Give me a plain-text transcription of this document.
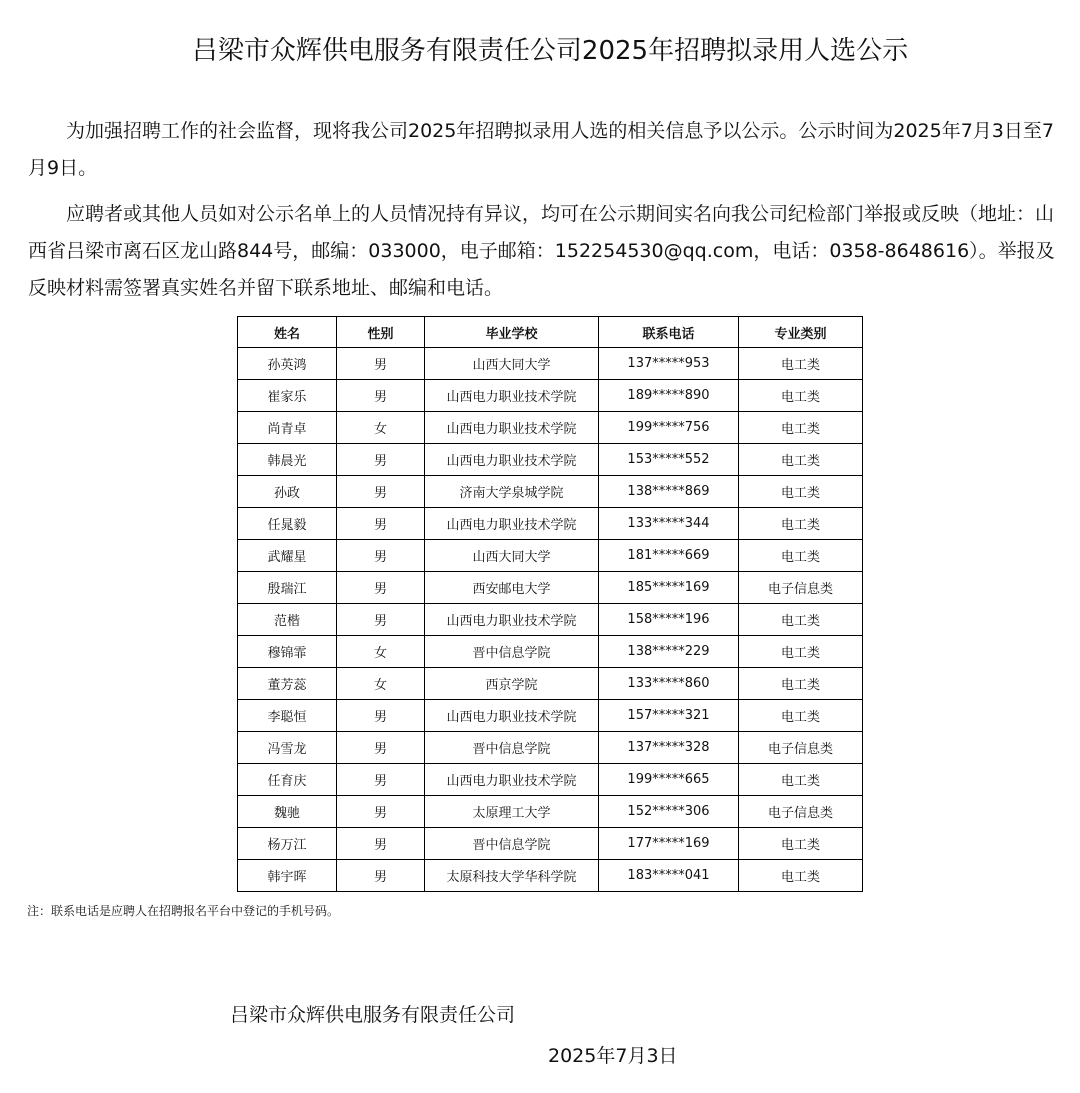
吕梁市众辉供电服务有限责任公司2025年招聘拟录用人选公示

为加强招聘工作的社会监督，现将我公司2025年招聘拟录用人选的相关信息予以公示。公示时间为2025年7月3日至7月9日。

应聘者或其他人员如对公示名单上的人员情况持有异议，均可在公示期间实名向我公司纪检部门举报或反映（地址：山西省吕梁市离石区龙山路844号，邮编：033000，电子邮箱：152254530@qq.com，电话：0358-8648616）。举报及反映材料需签署真实姓名并留下联系地址、邮编和电话。

姓名	性别	毕业学校	联系电话	专业类别
孙英鸿	男	山西大同大学	137*****953	电工类
崔家乐	男	山西电力职业技术学院	189*****890	电工类
尚青卓	女	山西电力职业技术学院	199*****756	电工类
韩晨光	男	山西电力职业技术学院	153*****552	电工类
孙政	男	济南大学泉城学院	138*****869	电工类
任晁毅	男	山西电力职业技术学院	133*****344	电工类
武耀星	男	山西大同大学	181*****669	电工类
殷瑞江	男	西安邮电大学	185*****169	电子信息类
范楷	男	山西电力职业技术学院	158*****196	电工类
穆锦霏	女	晋中信息学院	138*****229	电工类
董芳蕊	女	西京学院	133*****860	电工类
李聪恒	男	山西电力职业技术学院	157*****321	电工类
冯雪龙	男	晋中信息学院	137*****328	电子信息类
任育庆	男	山西电力职业技术学院	199*****665	电工类
魏驰	男	太原理工大学	152*****306	电子信息类
杨万江	男	晋中信息学院	177*****169	电工类
韩宇晖	男	太原科技大学华科学院	183*****041	电工类
注：联系电话是应聘人在招聘报名平台中登记的手机号码。
吕梁市众辉供电服务有限责任公司
2025年7月3日
